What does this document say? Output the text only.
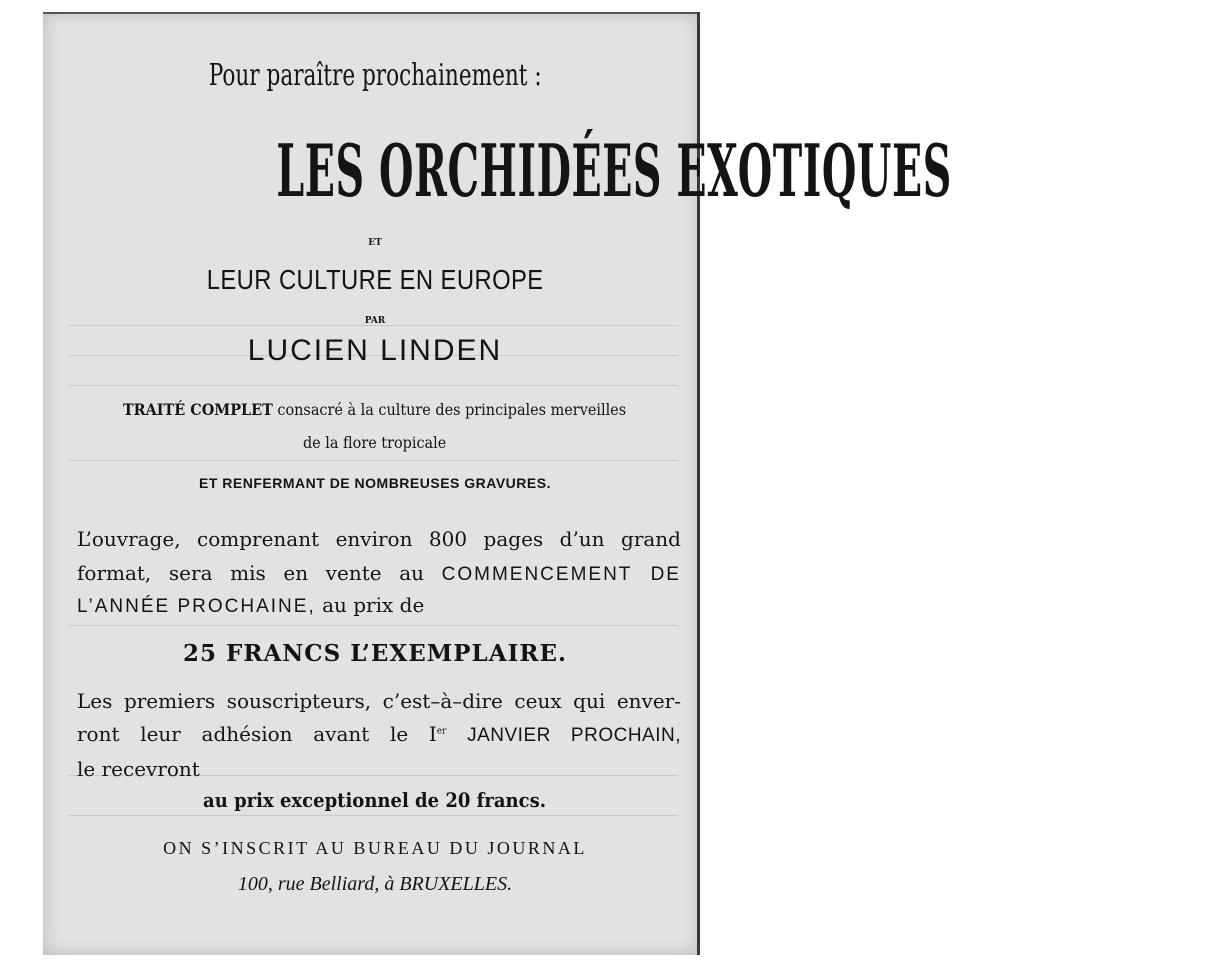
Pour paraître prochainement :
LES ORCHIDÉES EXOTIQUES
ET
LEUR CULTURE EN EUROPE
PAR
LUCIEN LINDEN
TRAITÉ COMPLET consacré à la culture des principales merveilles
de la flore tropicale
ET RENFERMANT DE NOMBREUSES GRAVURES.
L’ouvrage, comprenant environ 800 pages d’un grand
format, sera mis en vente au COMMENCEMENT DE
L’ANNÉE PROCHAINE, au prix de
25 FRANCS L’EXEMPLAIRE.
Les premiers souscripteurs, c’est–à–dire ceux qui enver-
ront leur adhésion avant le Ier JANVIER PROCHAIN,
le recevront
au prix exceptionnel de 20 francs.
ON S’INSCRIT AU BUREAU DU JOURNAL
100, rue Belliard, à BRUXELLES.
